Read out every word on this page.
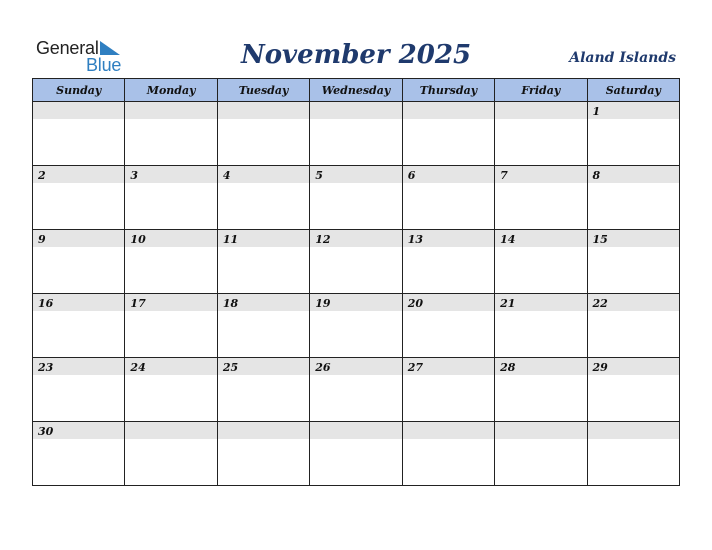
General
Blue	November 2025	Aland Islands
Sunday	Monday	Tuesday	Wednesday	Thursday	Friday	Saturday

						1

2	3	4	5	6	7	8

9	10	11	12	13	14	15

16	17	18	19	20	21	22

23	24	25	26	27	28	29

30						
